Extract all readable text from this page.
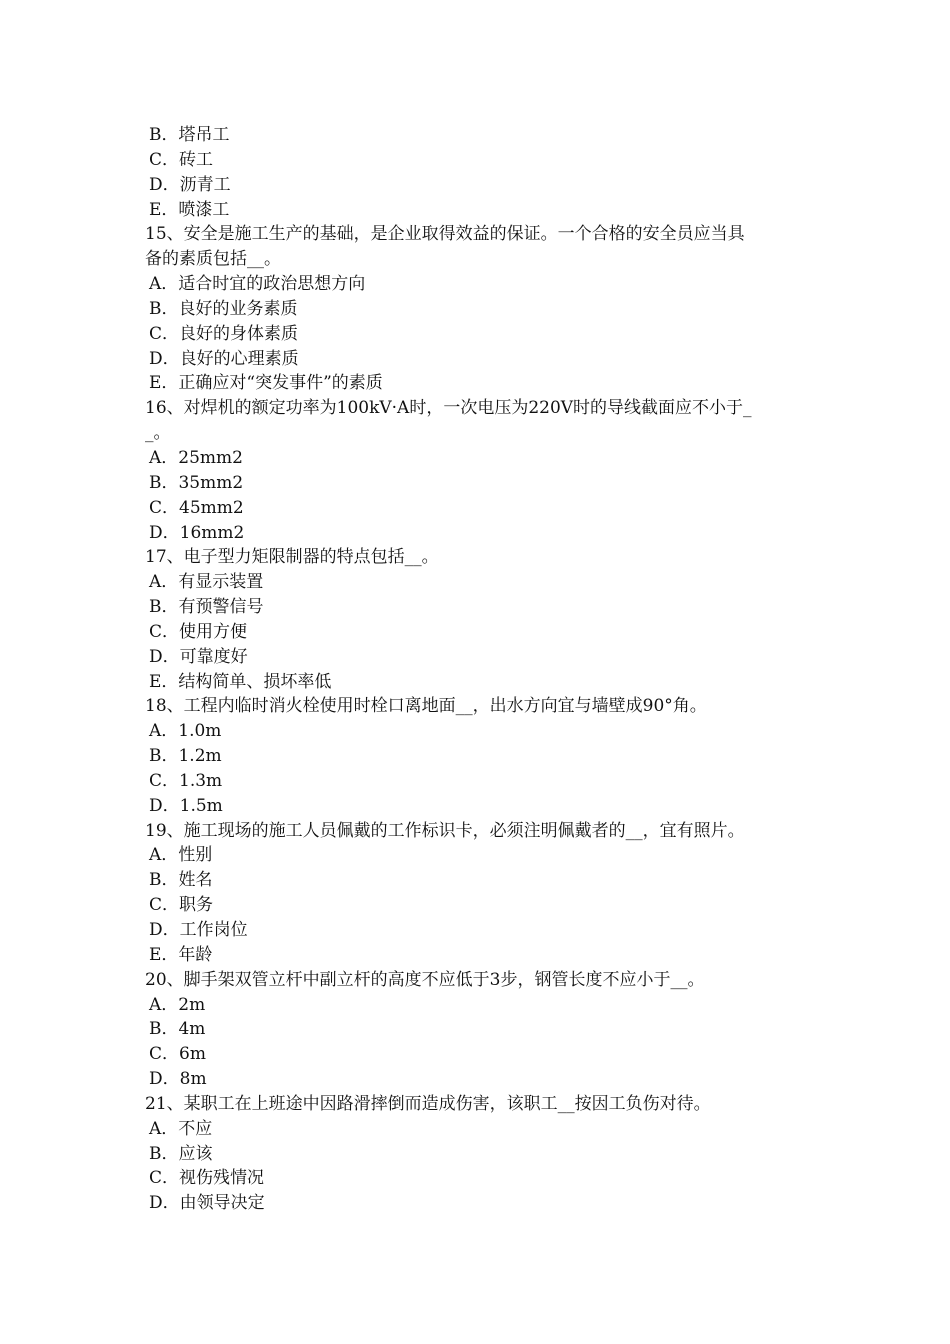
B．塔吊工
C．砖工
D．沥青工
E．喷漆工
15、安全是施工生产的基础，是企业取得效益的保证。一个合格的安全员应当具
备的素质包括__。
A．适合时宜的政治思想方向
B．良好的业务素质
C．良好的身体素质
D．良好的心理素质
E．正确应对“突发事件”的素质
16、对焊机的额定功率为100kV·A时，一次电压为220V时的导线截面应不小于_
_。
A．25mm2
B．35mm2
C．45mm2
D．16mm2
17、电子型力矩限制器的特点包括__。
A．有显示装置
B．有预警信号
C．使用方便
D．可靠度好
E．结构简单、损坏率低
18、工程内临时消火栓使用时栓口离地面__，出水方向宜与墙壁成90°角。
A．1.0m
B．1.2m
C．1.3m
D．1.5m
19、施工现场的施工人员佩戴的工作标识卡，必须注明佩戴者的__，宜有照片。
A．性别
B．姓名
C．职务
D．工作岗位
E．年龄
20、脚手架双管立杆中副立杆的高度不应低于3步，钢管长度不应小于__。
A．2m
B．4m
C．6m
D．8m
21、某职工在上班途中因路滑摔倒而造成伤害，该职工__按因工负伤对待。
A．不应
B．应该
C．视伤残情况
D．由领导决定
